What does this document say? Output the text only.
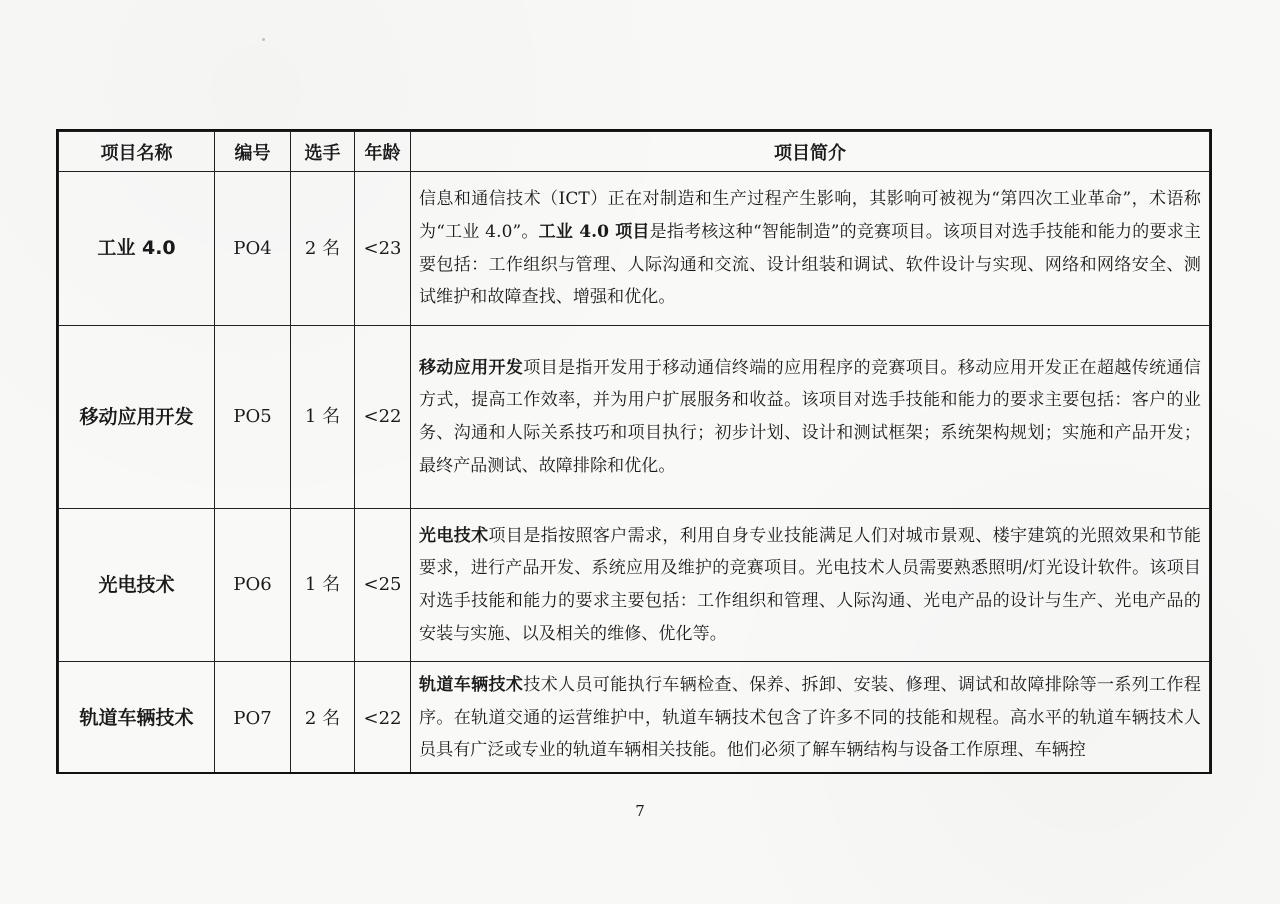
项目名称	编号	选手	年龄	项目简介
工业 4.0	PO4	2 名	<23	信息和通信技术（ICT）正在对制造和生产过程产生影响，其影响可被视为“第四次工业革命”，术语称为“工业 4.0”。工业 4.0 项目是指考核这种“智能制造”的竞赛项目。该项目对选手技能和能力的要求主要包括：工作组织与管理、人际沟通和交流、设计组装和调试、软件设计与实现、网络和网络安全、测试维护和故障查找、增强和优化。
移动应用开发	PO5	1 名	<22	移动应用开发项目是指开发用于移动通信终端的应用程序的竞赛项目。移动应用开发正在超越传统通信方式，提高工作效率，并为用户扩展服务和收益。该项目对选手技能和能力的要求主要包括：客户的业务、沟通和人际关系技巧和项目执行；初步计划、设计和测试框架；系统架构规划；实施和产品开发；最终产品测试、故障排除和优化。
光电技术	PO6	1 名	<25	光电技术项目是指按照客户需求，利用自身专业技能满足人们对城市景观、楼宇建筑的光照效果和节能要求，进行产品开发、系统应用及维护的竞赛项目。光电技术人员需要熟悉照明/灯光设计软件。该项目对选手技能和能力的要求主要包括：工作组织和管理、人际沟通、光电产品的设计与生产、光电产品的安装与实施、以及相关的维修、优化等。
轨道车辆技术	PO7	2 名	<22	轨道车辆技术技术人员可能执行车辆检查、保养、拆卸、安装、修理、调试和故障排除等一系列工作程序。在轨道交通的运营维护中，轨道车辆技术包含了许多不同的技能和规程。高水平的轨道车辆技术人员具有广泛或专业的轨道车辆相关技能。他们必须了解车辆结构与设备工作原理、车辆控
7
